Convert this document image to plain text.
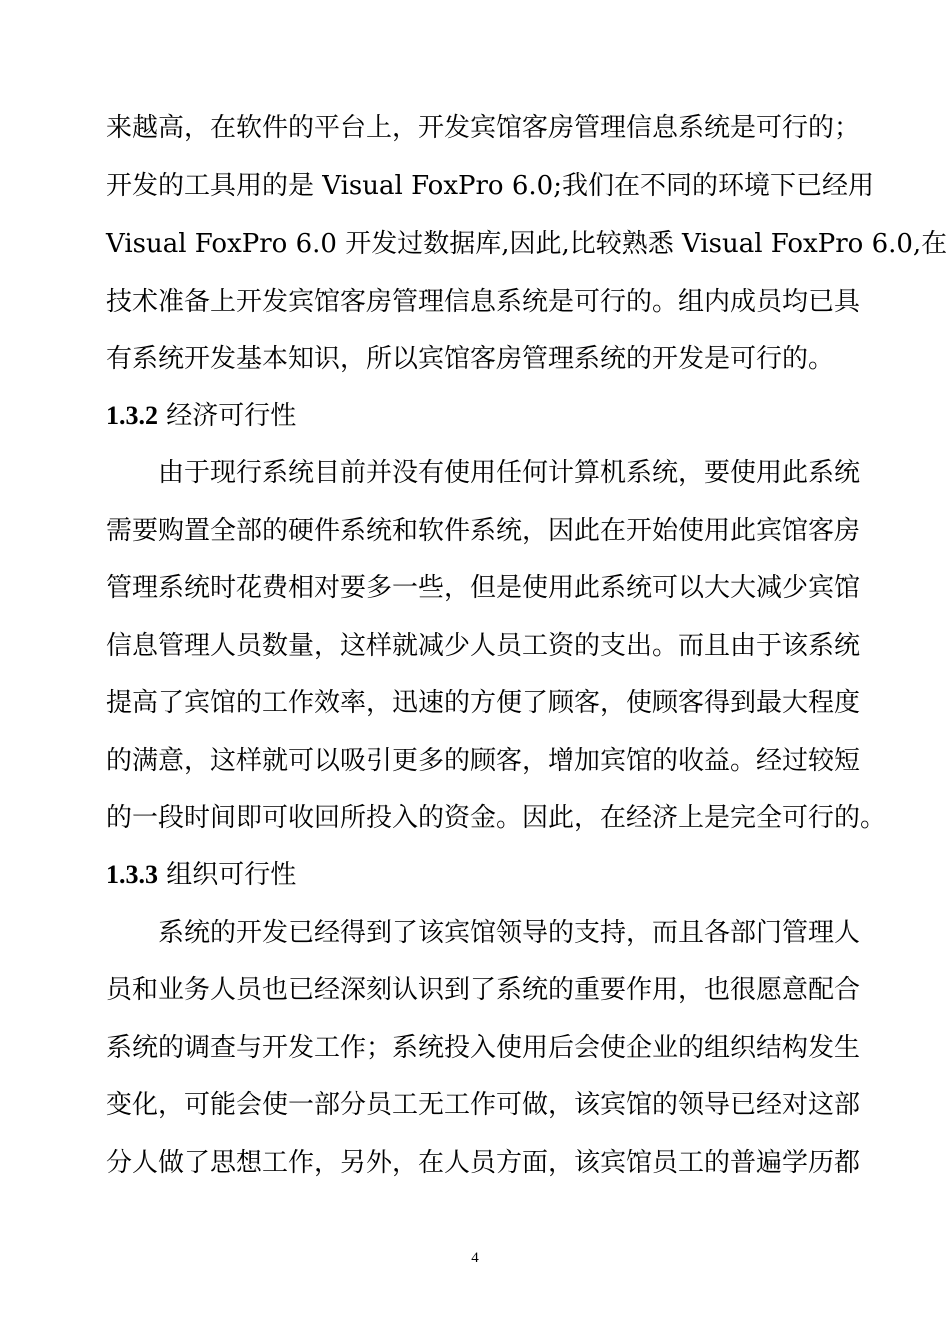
来越高，在软件的平台上，开发宾馆客房管理信息系统是可行的；
开发的工具用的是 Visual FoxPro 6.0;我们在不同的环境下已经用
Visual FoxPro 6.0 开发过数据库,因此,比较熟悉 Visual FoxPro 6.0,在
技术准备上开发宾馆客房管理信息系统是可行的。组内成员均已具
有系统开发基本知识，所以宾馆客房管理系统的开发是可行的。
1.3.2 经济可行性
由于现行系统目前并没有使用任何计算机系统，要使用此系统
需要购置全部的硬件系统和软件系统，因此在开始使用此宾馆客房
管理系统时花费相对要多一些，但是使用此系统可以大大减少宾馆
信息管理人员数量，这样就减少人员工资的支出。而且由于该系统
提高了宾馆的工作效率，迅速的方便了顾客，使顾客得到最大程度
的满意，这样就可以吸引更多的顾客，增加宾馆的收益。经过较短
的一段时间即可收回所投入的资金。因此，在经济上是完全可行的。
1.3.3 组织可行性
系统的开发已经得到了该宾馆领导的支持，而且各部门管理人
员和业务人员也已经深刻认识到了系统的重要作用，也很愿意配合
系统的调查与开发工作；系统投入使用后会使企业的组织结构发生
变化，可能会使一部分员工无工作可做，该宾馆的领导已经对这部
分人做了思想工作，另外，在人员方面，该宾馆员工的普遍学历都
4
